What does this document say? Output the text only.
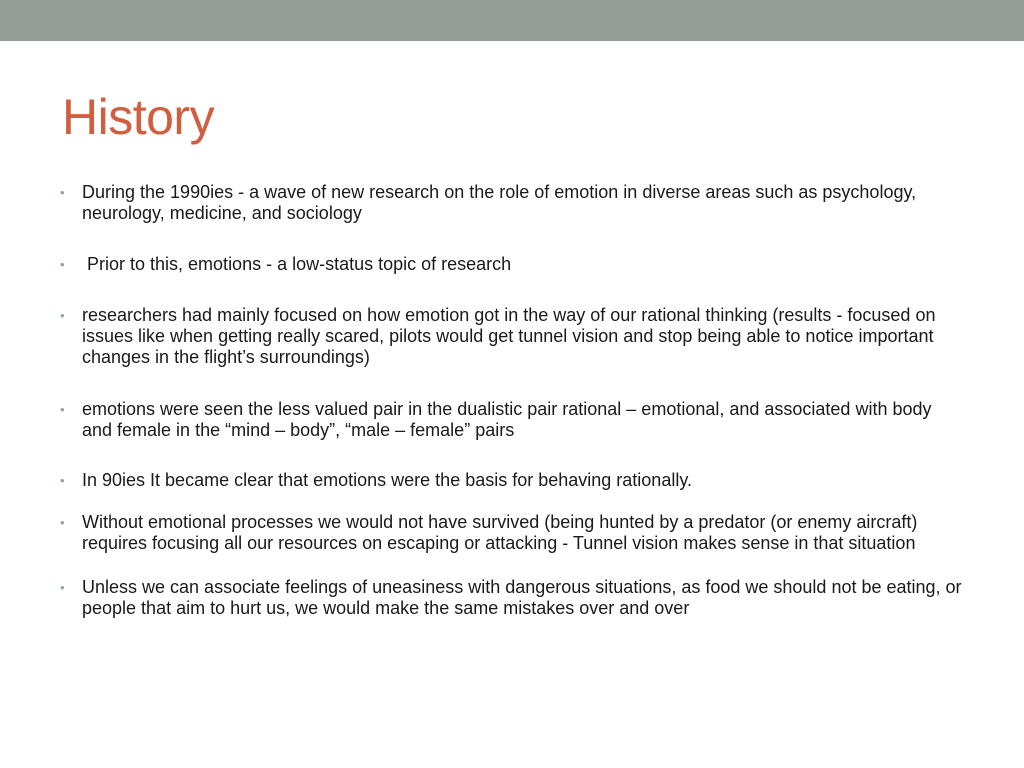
History
• During the 1990ies - a wave of new research on the role of emotion in diverse areas such as psychology, neurology, medicine, and sociology
• Prior to this, emotions - a low-status topic of research
• researchers had mainly focused on how emotion got in the way of our rational thinking (results - focused on issues like when getting really scared, pilots would get tunnel vision and stop being able to notice important changes in the flight’s surroundings)
• emotions were seen the less valued pair in the dualistic pair rational – emotional, and associated with body and female in the “mind – body”, “male – female” pairs
• In 90ies It became clear that emotions were the basis for behaving rationally.
• Without emotional processes we would not have survived (being hunted by a predator (or enemy aircraft) requires focusing all our resources on escaping or attacking - Tunnel vision makes sense in that situation
• Unless we can associate feelings of uneasiness with dangerous situations, as food we should not be eating, or people that aim to hurt us, we would make the same mistakes over and over
